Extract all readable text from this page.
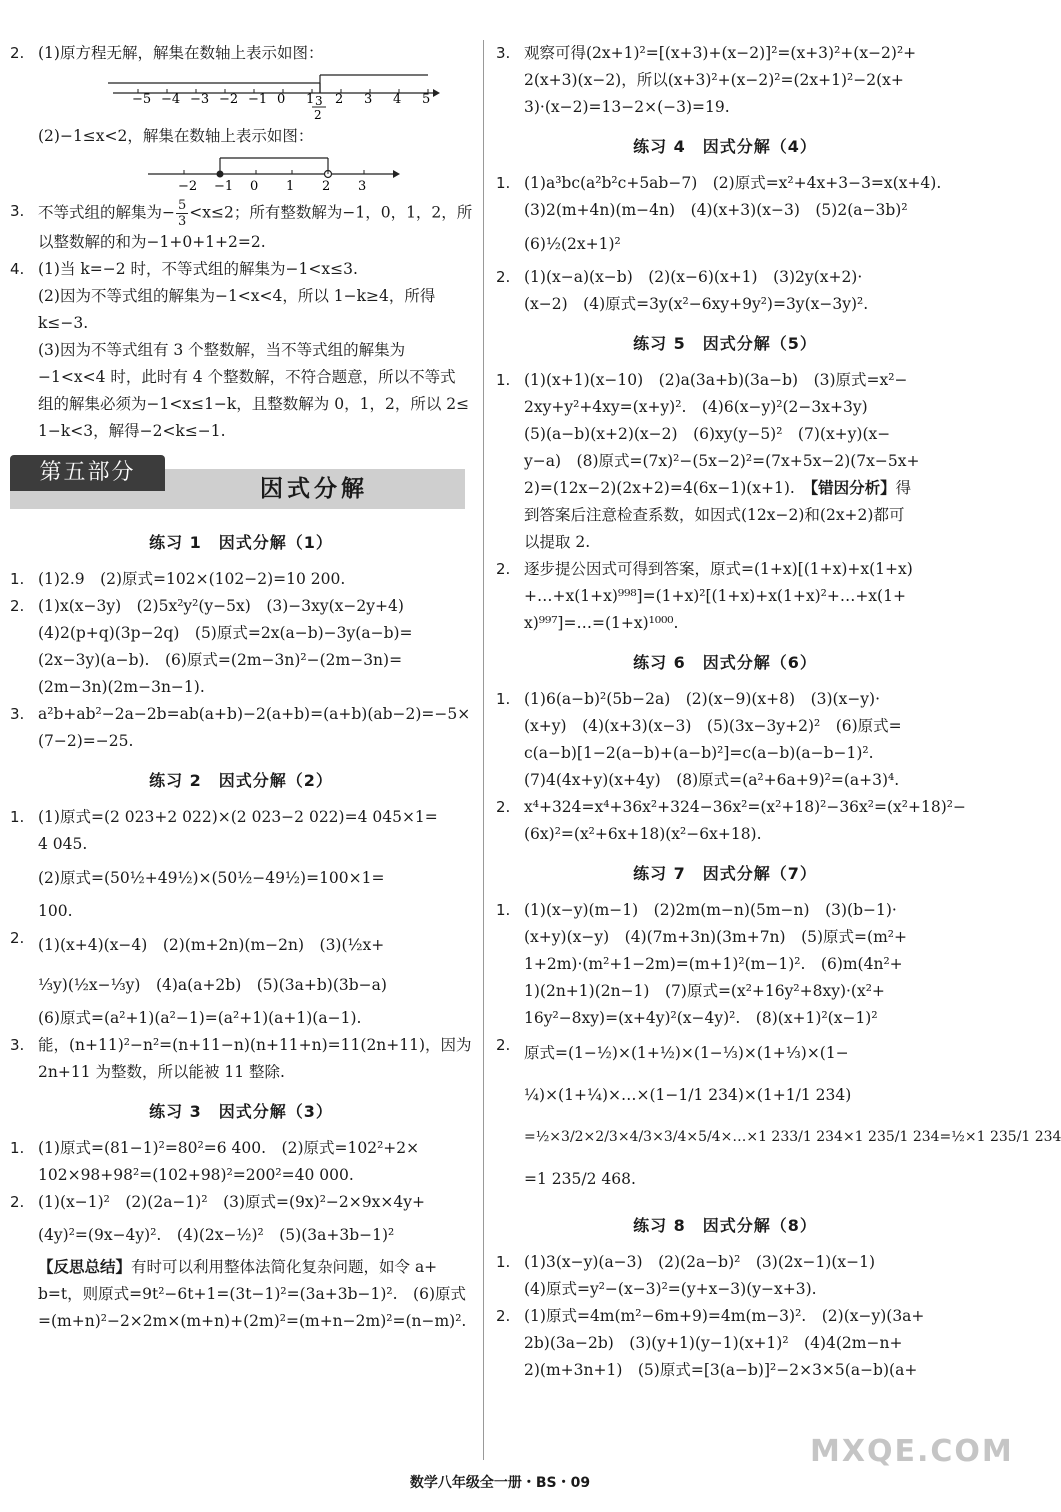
2. (1)原方程无解，解集在数轴上表示如图：
−5 −4 −3 −2 −1 0 1 2 3 4 5
3
2
(2)−1≤x<2，解集在数轴上表示如图：
−2 −1 0 1 2 3
3. 不等式组的解集为− $\frac{5}{3} <x\le 2$；所有整数解为−1，0，1，2，所
以整数解的和为−1+0+1+2=2.
4. (1)当 k=−2 时，不等式组的解集为−1<x≤3.
(2)因为不等式组的解集为−1<x<4，所以 1−k≥4，所得
k≤−3.
(3)因为不等式组有 3 个整数解，当不等式组的解集为
−1<x<4 时，此时有 4 个整数解，不符合题意，所以不等式
组的解集必须为−1<x≤1−k，且整数解为 0，1，2，所以 2≤
1−k<3，解得−2<k≤−1.
第五部分
因式分解
练习 1　因式分解（1）
1. (1)2.9　(2)原式=102×(102−2)=10 200.
2. (1)x(x−3y)　(2)5x²y²(y−5x)　(3)−3xy(x−2y+4)
(4)2(p+q)(3p−2q)　(5)原式=2x(a−b)−3y(a−b)=
(2x−3y)(a−b).　(6)原式=(2m−3n)²−(2m−3n)=
(2m−3n)(2m−3n−1).
3. a²b+ab²−2a−2b=ab(a+b)−2(a+b)=(a+b)(ab−2)=−5×
(7−2)=−25.
练习 2　因式分解（2）
1. (1)原式=(2 023+2 022)×(2 023−2 022)=4 045×1=
4 045.
(2)原式=(50½+49½)×(50½−49½)=100×1=
100.
2. (1)(x+4)(x−4)　(2)(m+2n)(m−2n)　(3)(½x+
⅓y)(½x−⅓y)　(4)a(a+2b)　(5)(3a+b)(3b−a)
(6)原式=(a²+1)(a²−1)=(a²+1)(a+1)(a−1).
3. 能，(n+11)²−n²=(n+11−n)(n+11+n)=11(2n+11)，因为
2n+11 为整数，所以能被 11 整除.
练习 3　因式分解（3）
1. (1)原式=(81−1)²=80²=6 400.　(2)原式=102²+2×
102×98+98²=(102+98)²=200²=40 000.
2. (1)(x−1)²　(2)(2a−1)²　(3)原式=(9x)²−2×9x×4y+
(4y)²=(9x−4y)².　(4)(2x−½)²　(5)(3a+3b−1)²
【反思总结】有时可以利用整体法简化复杂问题，如令 a+
b=t，则原式=9t²−6t+1=(3t−1)²=(3a+3b−1)².　(6)原式
=(m+n)²−2×2m×(m+n)+(2m)²=(m+n−2m)²=(n−m)².
3. 观察可得(2x+1)²=[(x+3)+(x−2)]²=(x+3)²+(x−2)²+
2(x+3)(x−2)，所以(x+3)²+(x−2)²=(2x+1)²−2(x+
3)·(x−2)=13−2×(−3)=19.
练习 4　因式分解（4）
1. (1)a³bc(a²b²c+5ab−7)　(2)原式=x²+4x+3−3=x(x+4).
(3)2(m+4n)(m−4n)　(4)(x+3)(x−3)　(5)2(a−3b)²
(6)½(2x+1)²
2. (1)(x−a)(x−b)　(2)(x−6)(x+1)　(3)2y(x+2)·
(x−2)　(4)原式=3y(x²−6xy+9y²)=3y(x−3y)².
练习 5　因式分解（5）
1. (1)(x+1)(x−10)　(2)a(3a+b)(3a−b)　(3)原式=x²−
2xy+y²+4xy=(x+y)².　(4)6(x−y)²(2−3x+3y)
(5)(a−b)(x+2)(x−2)　(6)xy(y−5)²　(7)(x+y)(x−
y−a)　(8)原式=(7x)²−(5x−2)²=(7x+5x−2)(7x−5x+
2)=(12x−2)(2x+2)=4(6x−1)(x+1).　【错因分析】得
到答案后注意检查系数，如因式(12x−2)和(2x+2)都可
以提取 2.
2. 逐步提公因式可得到答案，原式=(1+x)[(1+x)+x(1+x)
+…+x(1+x)⁹⁹⁸]=(1+x)²[(1+x)+x(1+x)²+…+x(1+
x)⁹⁹⁷]=…=(1+x)¹⁰⁰⁰.
练习 6　因式分解（6）
1. (1)6(a−b)²(5b−2a)　(2)(x−9)(x+8)　(3)(x−y)·
(x+y)　(4)(x+3)(x−3)　(5)(3x−3y+2)²　(6)原式=
c(a−b)[1−2(a−b)+(a−b)²]=c(a−b)(a−b−1)².
(7)4(4x+y)(x+4y)　(8)原式=(a²+6a+9)²=(a+3)⁴.
2. x⁴+324=x⁴+36x²+324−36x²=(x²+18)²−36x²=(x²+18)²−
(6x)²=(x²+6x+18)(x²−6x+18).
练习 7　因式分解（7）
1. (1)(x−y)(m−1)　(2)2m(m−n)(5m−n)　(3)(b−1)·
(x+y)(x−y)　(4)(7m+3n)(3m+7n)　(5)原式=(m²+
1+2m)·(m²+1−2m)=(m+1)²(m−1)².　(6)m(4n²+
1)(2n+1)(2n−1)　(7)原式=(x²+16y²+8xy)·(x²+
16y²−8xy)=(x+4y)²(x−4y)².　(8)(x+1)²(x−1)²
2. 原式=(1−½)×(1+½)×(1−⅓)×(1+⅓)×(1−
¼)×(1+¼)×…×(1−1/1 234)×(1+1/1 234)
=½×3/2×2/3×4/3×3/4×5/4×…×1 233/1 234×1 235/1 234=½×1 235/1 234
=1 235/2 468.
练习 8　因式分解（8）
1. (1)3(x−y)(a−3)　(2)(2a−b)²　(3)(2x−1)(x−1)
(4)原式=y²−(x−3)²=(y+x−3)(y−x+3).
2. (1)原式=4m(m²−6m+9)=4m(m−3)².　(2)(x−y)(3a+
2b)(3a−2b)　(3)(y+1)(y−1)(x+1)²　(4)4(2m−n+
2)(m+3n+1)　(5)原式=[3(a−b)]²−2×3×5(a−b)(a+
MXQE.COM
数学八年级全一册・BS・09
